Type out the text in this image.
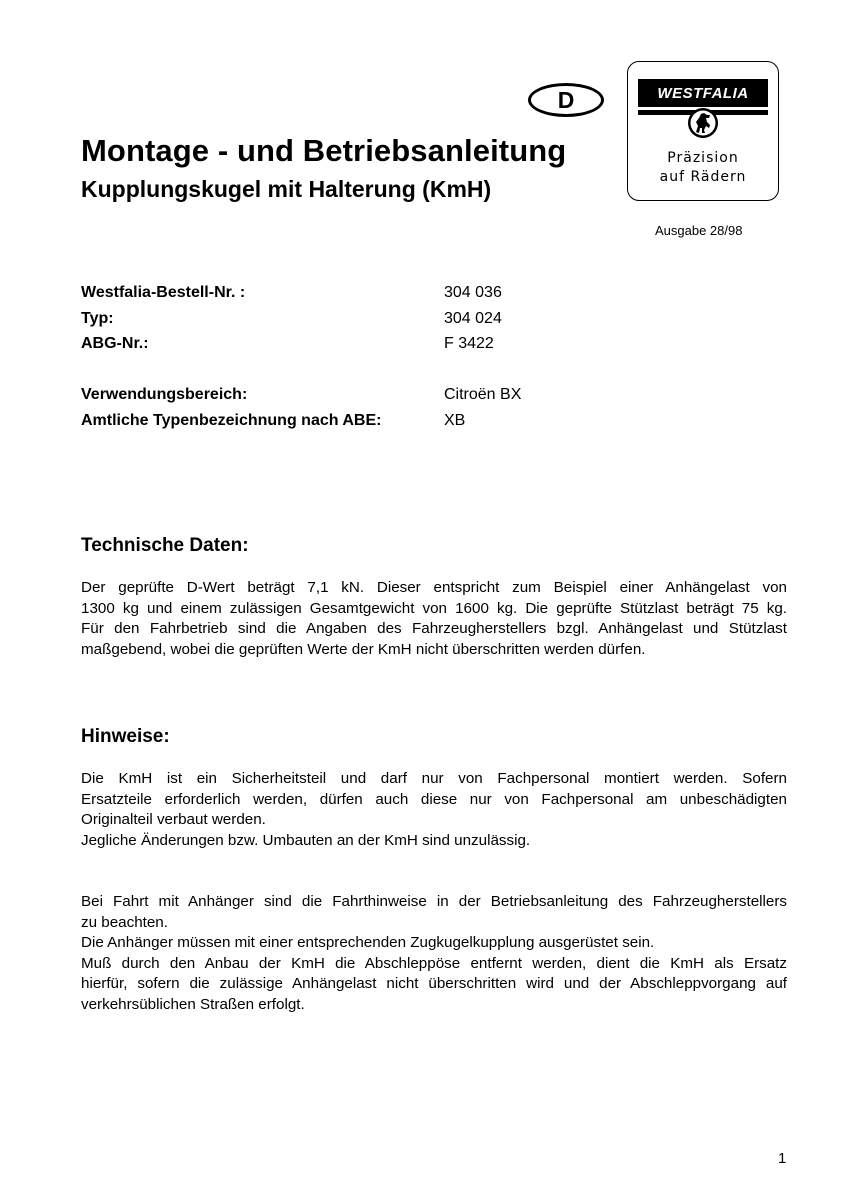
D
Montage - und Betriebsanleitung
Kupplungskugel mit Halterung (KmH)
WESTFALIA
Präzision
auf Rädern
Ausgabe 28/98
Westfalia-Bestell-Nr. :	304 036
Typ:	304 024
ABG-Nr.:	F 3422
Verwendungsbereich:	Citroën BX
Amtliche Typenbezeichnung nach ABE:	XB
Technische Daten:
Der geprüfte D-Wert beträgt 7,1 kN. Dieser entspricht zum Beispiel einer Anhängelast von
1300 kg und einem zulässigen Gesamtgewicht von 1600 kg. Die geprüfte Stützlast beträgt 75 kg.
Für den Fahrbetrieb sind die Angaben des Fahrzeugherstellers bzgl. Anhängelast und Stützlast
maßgebend, wobei die geprüften Werte der KmH nicht überschritten werden dürfen.
Hinweise:
Die KmH ist ein Sicherheitsteil und darf nur von Fachpersonal montiert werden. Sofern
Ersatzteile erforderlich werden, dürfen auch diese nur von Fachpersonal am unbeschädigten
Originalteil verbaut werden.
Jegliche Änderungen bzw. Umbauten an der KmH sind unzulässig.
Bei Fahrt mit Anhänger sind die Fahrthinweise in der Betriebsanleitung des Fahrzeugherstellers
zu beachten.
Die Anhänger müssen mit einer entsprechenden Zugkugelkupplung ausgerüstet sein.
Muß durch den Anbau der KmH die Abschleppöse entfernt werden, dient die KmH als Ersatz
hierfür, sofern die zulässige Anhängelast nicht überschritten wird und der Abschleppvorgang auf
verkehrsüblichen Straßen erfolgt.
1
